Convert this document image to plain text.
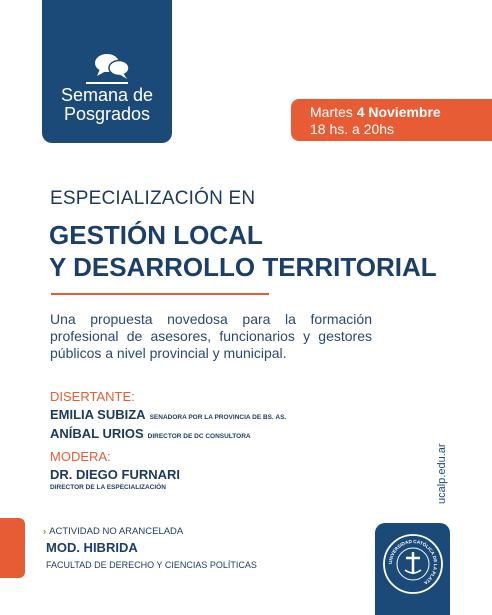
Semana de
Posgrados	Martes 4 Noviembre
18 hs. a 20hs
ESPECIALIZACIÓN EN
GESTIÓN LOCAL
Y DESARROLLO TERRITORIAL
Una propuesta novedosa para la formación profesional de asesores, funcionarios y gestores públicos a nivel provincial y municipal.
DISERTANTE:
EMILIA SUBIZA SENADORA POR LA PROVINCIA DE BS. AS.
ANÍBAL URIOS DIRECTOR DE DC CONSULTORA
MODERA:
DR. DIEGO FURNARI
DIRECTOR DE LA ESPECIALIZACIÓN	ucalp.edu.ar
› ACTIVIDAD NO ARANCELADA
MOD. HIBRIDA
FACULTAD DE DERECHO Y CIENCIAS POLÍTICAS	UNIVERSIDAD CATÓLICA DE LA PLATA
